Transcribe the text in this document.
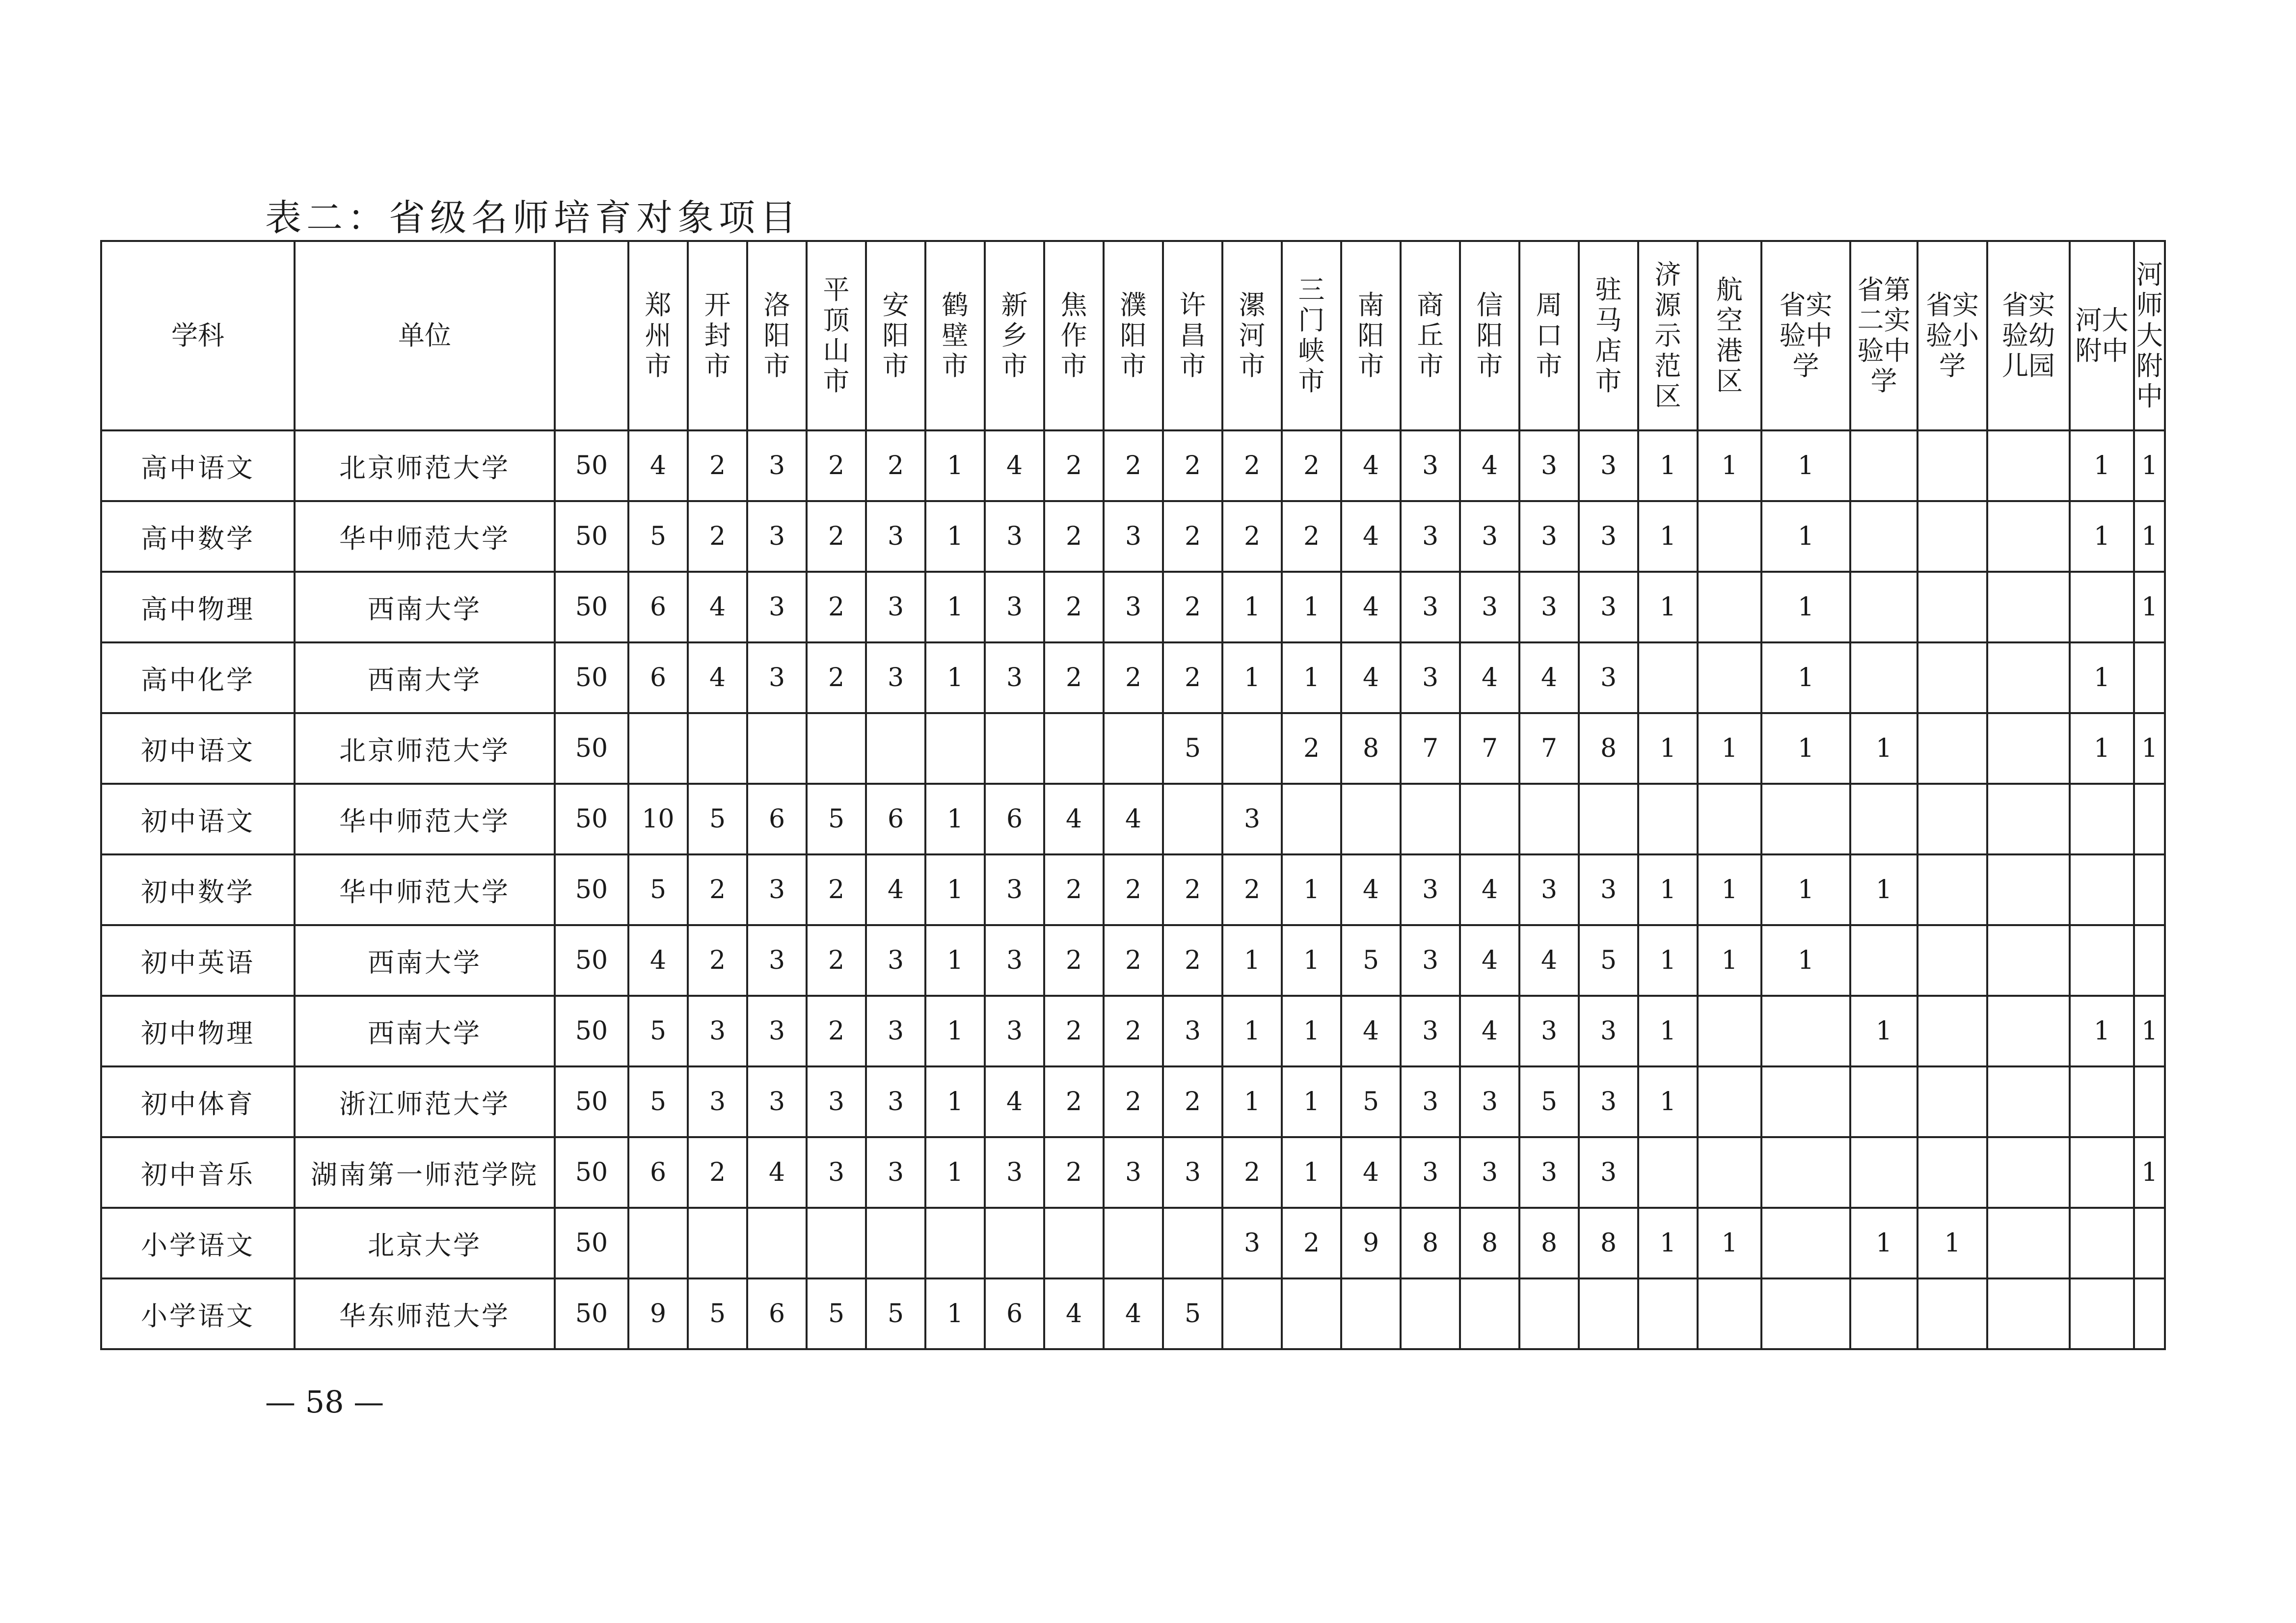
表二：省级名师培育对象项目
学科	单位		郑州市	开封市	洛阳市	平顶山市	安阳市	鹤壁市	新乡市	焦作市	濮阳市	许昌市	漯河市	三门峡市	南阳市	商丘市	信阳市	周口市	驻马店市	济源示范区	航空港区	省实验中学	省第二实验中学	省实验小学	省实验幼儿园	河大附中	河师大附中
高中语文	北京师范大学	50	4	2	3	2	2	1	4	2	2	2	2	2	4	3	4	3	3	1	1	1				1	1
高中数学	华中师范大学	50	5	2	3	2	3	1	3	2	3	2	2	2	4	3	3	3	3	1		1				1	1
高中物理	西南大学	50	6	4	3	2	3	1	3	2	3	2	1	1	4	3	3	3	3	1		1					1
高中化学	西南大学	50	6	4	3	2	3	1	3	2	2	2	1	1	4	3	4	4	3			1				1	
初中语文	北京师范大学	50										5		2	8	7	7	7	8	1	1	1	1			1	1
初中语文	华中师范大学	50	10	5	6	5	6	1	6	4	4		3														
初中数学	华中师范大学	50	5	2	3	2	4	1	3	2	2	2	2	1	4	3	4	3	3	1	1	1	1				
初中英语	西南大学	50	4	2	3	2	3	1	3	2	2	2	1	1	5	3	4	4	5	1	1	1					
初中物理	西南大学	50	5	3	3	2	3	1	3	2	2	3	1	1	4	3	4	3	3	1			1			1	1
初中体育	浙江师范大学	50	5	3	3	3	3	1	4	2	2	2	1	1	5	3	3	5	3	1							
初中音乐	湖南第一师范学院	50	6	2	4	3	3	1	3	2	3	3	2	1	4	3	3	3	3								1
小学语文	北京大学	50											3	2	9	8	8	8	8	1	1		1	1			
小学语文	华东师范大学	50	9	5	6	5	5	1	6	4	4	5															
— 58 —
